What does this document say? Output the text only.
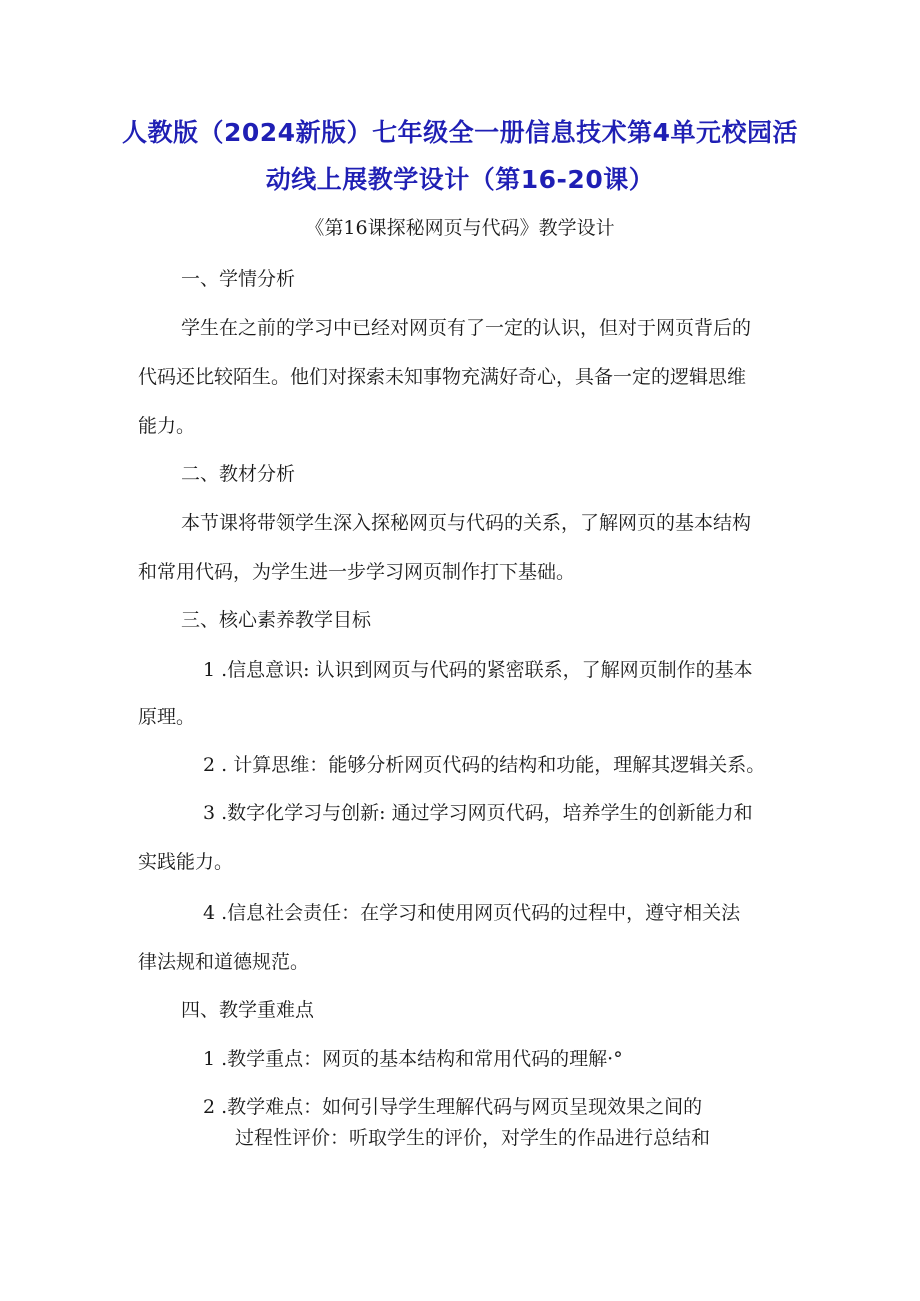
人教版（2024新版）七年级全一册信息技术第4单元校园活
动线上展教学设计（第16-20课）
《第16课探秘网页与代码》教学设计
一、学情分析
学生在之前的学习中已经对网页有了一定的认识，但对于网页背后的
代码还比较陌生。他们对探索未知事物充满好奇心，具备一定的逻辑思维
能力。
二、教材分析
本节课将带领学生深入探秘网页与代码的关系，了解网页的基本结构
和常用代码，为学生进一步学习网页制作打下基础。
三、核心素养教学目标
1 .信息意识: 认识到网页与代码的紧密联系，了解网页制作的基本
原理。
2 . 计算思维：能够分析网页代码的结构和功能，理解其逻辑关系。
3 .数字化学习与创新: 通过学习网页代码，培养学生的创新能力和
实践能力。
4 .信息社会责任：在学习和使用网页代码的过程中，遵守相关法
律法规和道德规范。
四、教学重难点
1 .教学重点：网页的基本结构和常用代码的理解·°
2 .教学难点：如何引导学生理解代码与网页呈现效果之间的
过程性评价：听取学生的评价，对学生的作品进行总结和
